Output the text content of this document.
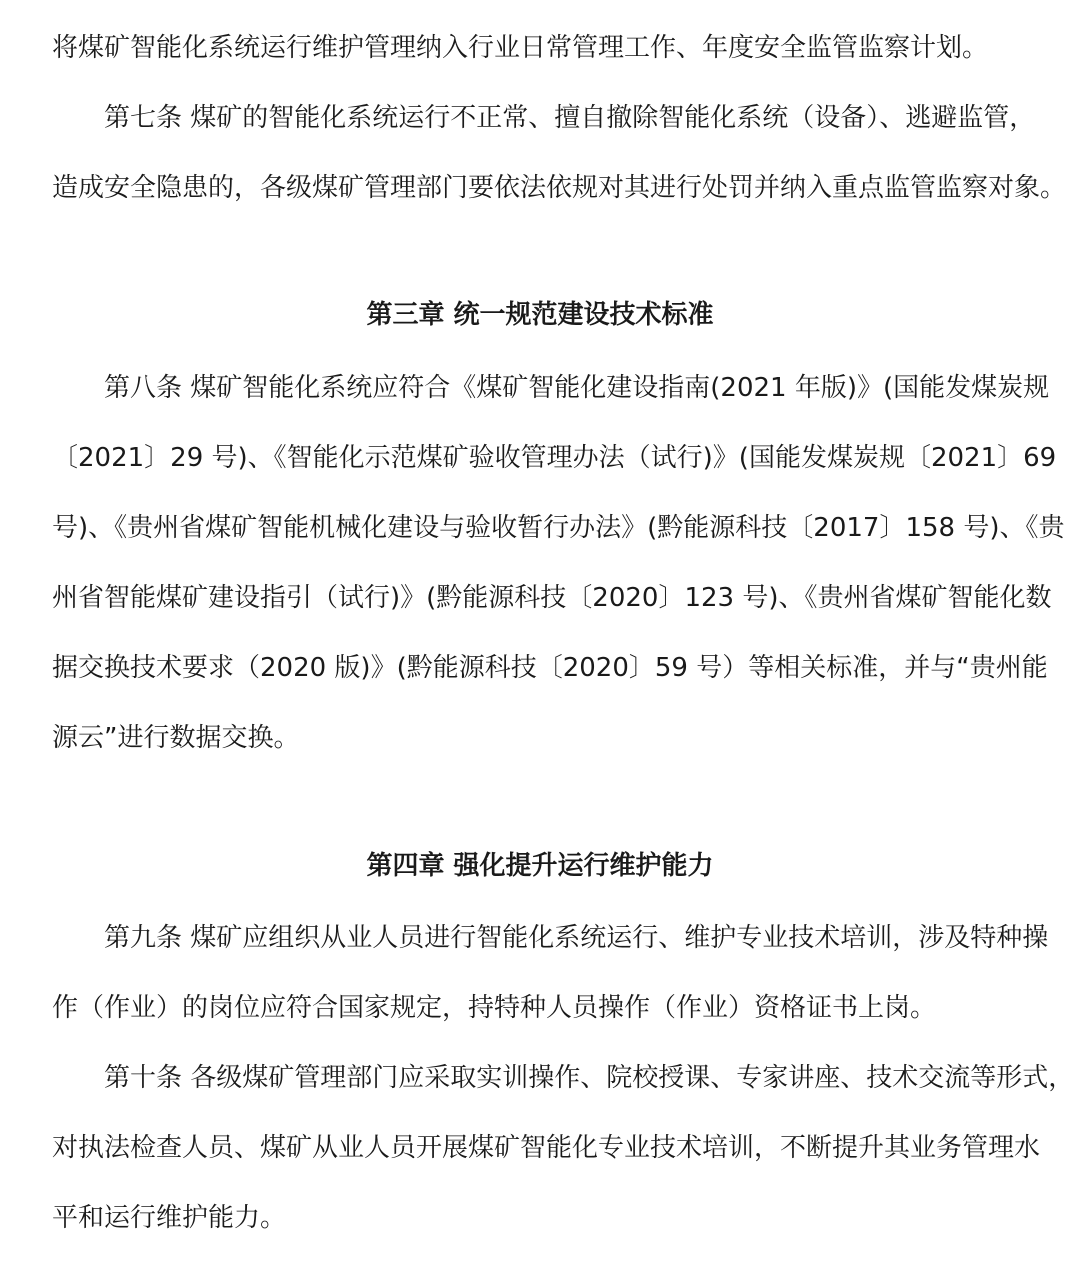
将煤矿智能化系统运行维护管理纳入行业日常管理工作、年度安全监管监察计划。
第七条 煤矿的智能化系统运行不正常、擅自撤除智能化系统（设备）、逃避监管，
造成安全隐患的，各级煤矿管理部门要依法依规对其进行处罚并纳入重点监管监察对象。
第三章 统一规范建设技术标准
第八条 煤矿智能化系统应符合《煤矿智能化建设指南(2021 年版)》(国能发煤炭规
〔2021〕29 号)、《智能化示范煤矿验收管理办法（试行)》(国能发煤炭规〔2021〕69
号)、《贵州省煤矿智能机械化建设与验收暂行办法》(黔能源科技〔2017〕158 号)、《贵
州省智能煤矿建设指引（试行)》(黔能源科技〔2020〕123 号)、《贵州省煤矿智能化数
据交换技术要求（2020 版)》(黔能源科技〔2020〕59 号）等相关标准，并与“贵州能
源云”进行数据交换。
第四章 强化提升运行维护能力
第九条 煤矿应组织从业人员进行智能化系统运行、维护专业技术培训，涉及特种操
作（作业）的岗位应符合国家规定，持特种人员操作（作业）资格证书上岗。
第十条 各级煤矿管理部门应采取实训操作、院校授课、专家讲座、技术交流等形式，
对执法检查人员、煤矿从业人员开展煤矿智能化专业技术培训，不断提升其业务管理水
平和运行维护能力。
